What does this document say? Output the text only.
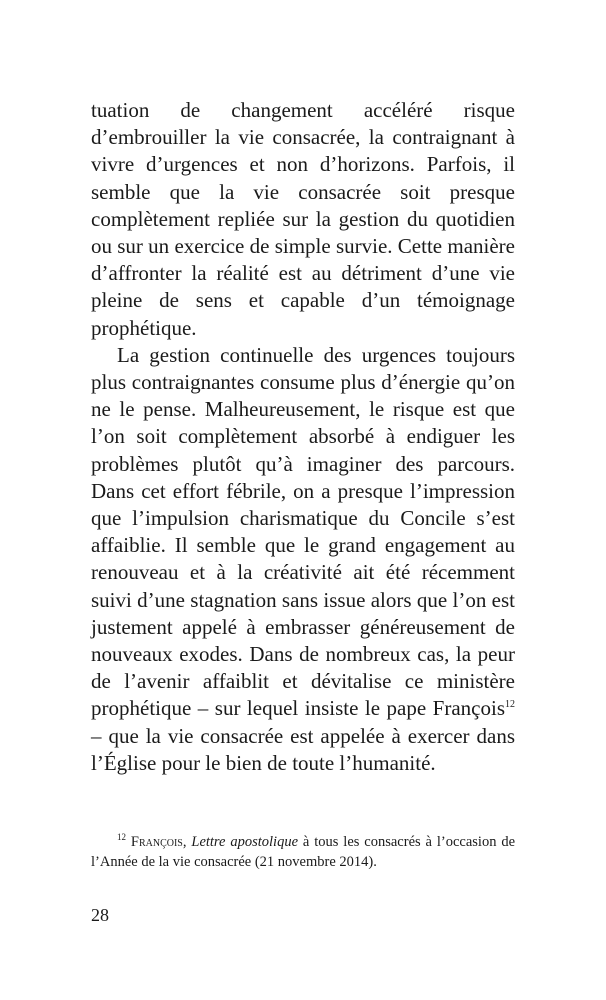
tuation de changement accéléré risque d’embrouiller la vie consacrée, la contraignant à vivre d’urgences et non d’horizons. Parfois, il semble que la vie consacrée soit presque complètement repliée sur la gestion du quotidien ou sur un exercice de simple survie. Cette manière d’affronter la réalité est au détriment d’une vie pleine de sens et capable d’un témoignage prophétique.

La gestion continuelle des urgences toujours plus contraignantes consume plus d’énergie qu’on ne le pense. Malheureusement, le risque est que l’on soit complètement absorbé à endiguer les problèmes plutôt qu’à imaginer des parcours. Dans cet effort fébrile, on a presque l’impression que l’impulsion charismatique du Concile s’est affaiblie. Il semble que le grand engagement au renouveau et à la créativité ait été récemment suivi d’une stagnation sans issue alors que l’on est justement appelé à embrasser généreusement de nouveaux exodes. Dans de nombreux cas, la peur de l’avenir affaiblit et dévitalise ce ministère prophétique – sur lequel insiste le pape François$^{12}$ – que la vie consacrée est appelée à exercer dans l’Église pour le bien de toute l’humanité.

$^{12}$ François, Lettre apostolique à tous les consacrés à l’occasion de l’Année de la vie consacrée (21 novembre 2014).
28
